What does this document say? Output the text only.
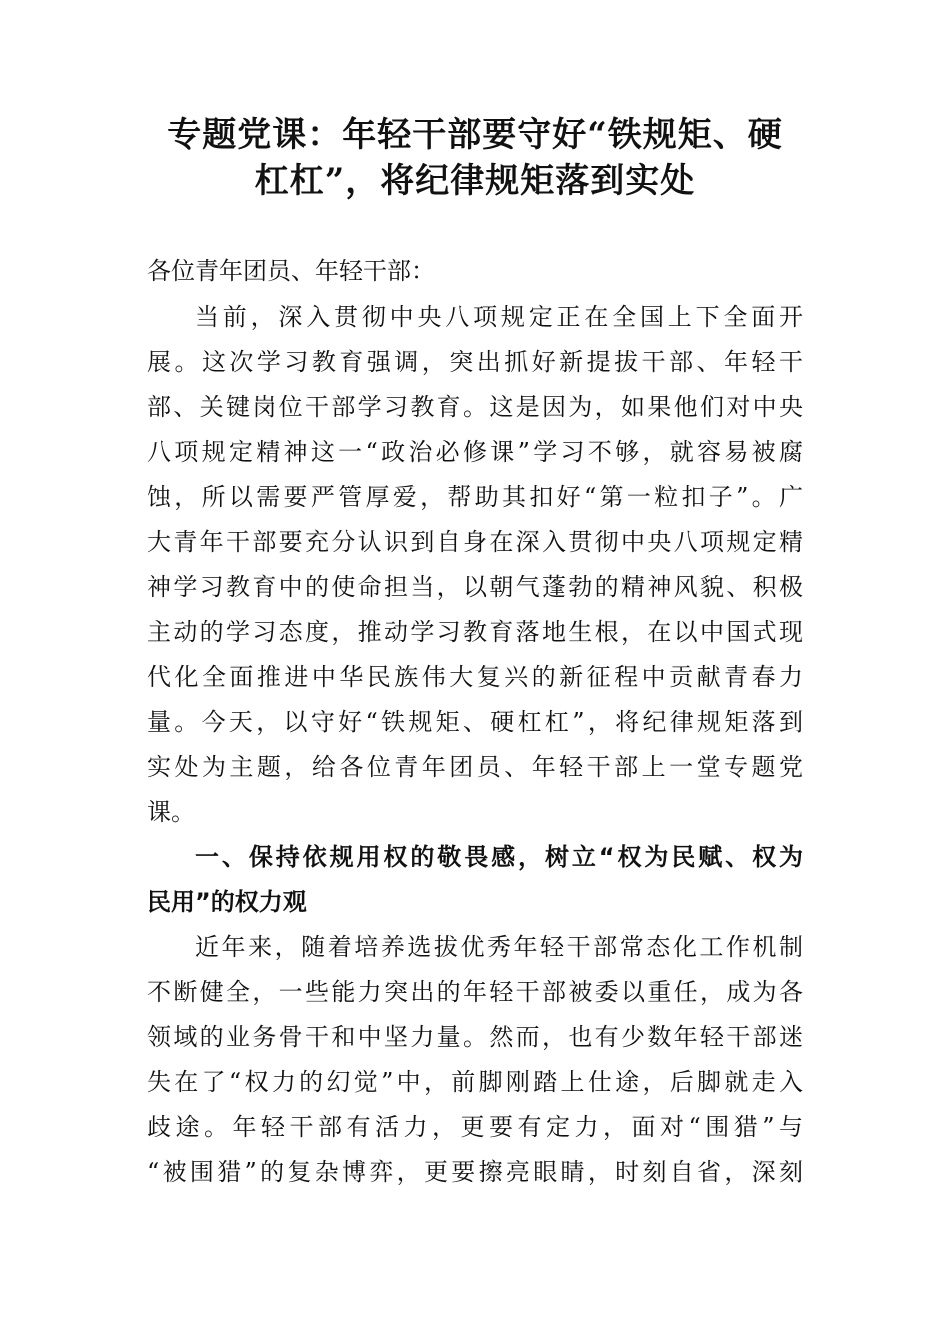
专题党课：年轻干部要守好“铁规矩、硬
杠杠”，将纪律规矩落到实处

各位青年团员、年轻干部：

当前，深入贯彻中央八项规定正在全国上下全面开

展。这次学习教育强调，突出抓好新提拔干部、年轻干

部、关键岗位干部学习教育。这是因为，如果他们对中央

八项规定精神这一“政治必修课”学习不够，就容易被腐

蚀，所以需要严管厚爱，帮助其扣好“第一粒扣子”。广

大青年干部要充分认识到自身在深入贯彻中央八项规定精

神学习教育中的使命担当，以朝气蓬勃的精神风貌、积极

主动的学习态度，推动学习教育落地生根，在以中国式现

代化全面推进中华民族伟大复兴的新征程中贡献青春力

量。今天，以守好“铁规矩、硬杠杠”，将纪律规矩落到

实处为主题，给各位青年团员、年轻干部上一堂专题党

课。

一、保持依规用权的敬畏感，树立“权为民赋、权为

民用”的权力观

近年来，随着培养选拔优秀年轻干部常态化工作机制

不断健全，一些能力突出的年轻干部被委以重任，成为各

领域的业务骨干和中坚力量。然而，也有少数年轻干部迷

失在了“权力的幻觉”中，前脚刚踏上仕途，后脚就走入

歧途。年轻干部有活力，更要有定力，面对“围猎”与

“被围猎”的复杂博弈，更要擦亮眼睛，时刻自省，深刻
